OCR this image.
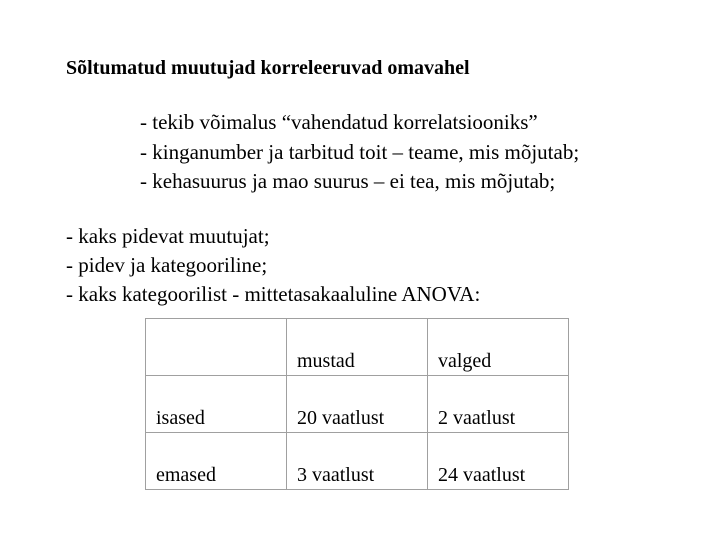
Sõltumatud muutujad korreleeruvad omavahel
- tekib võimalus “vahendatud korrelatsiooniks”
- kinganumber ja tarbitud toit – teame, mis mõjutab;
- kehasuurus ja mao suurus – ei tea, mis mõjutab;
- kaks pidevat muutujat;
- pidev ja kategooriline;
- kaks kategoorilist - mittetasakaaluline ANOVA:
	mustad	valged
isased	20 vaatlust	2 vaatlust
emased	3 vaatlust	24 vaatlust
